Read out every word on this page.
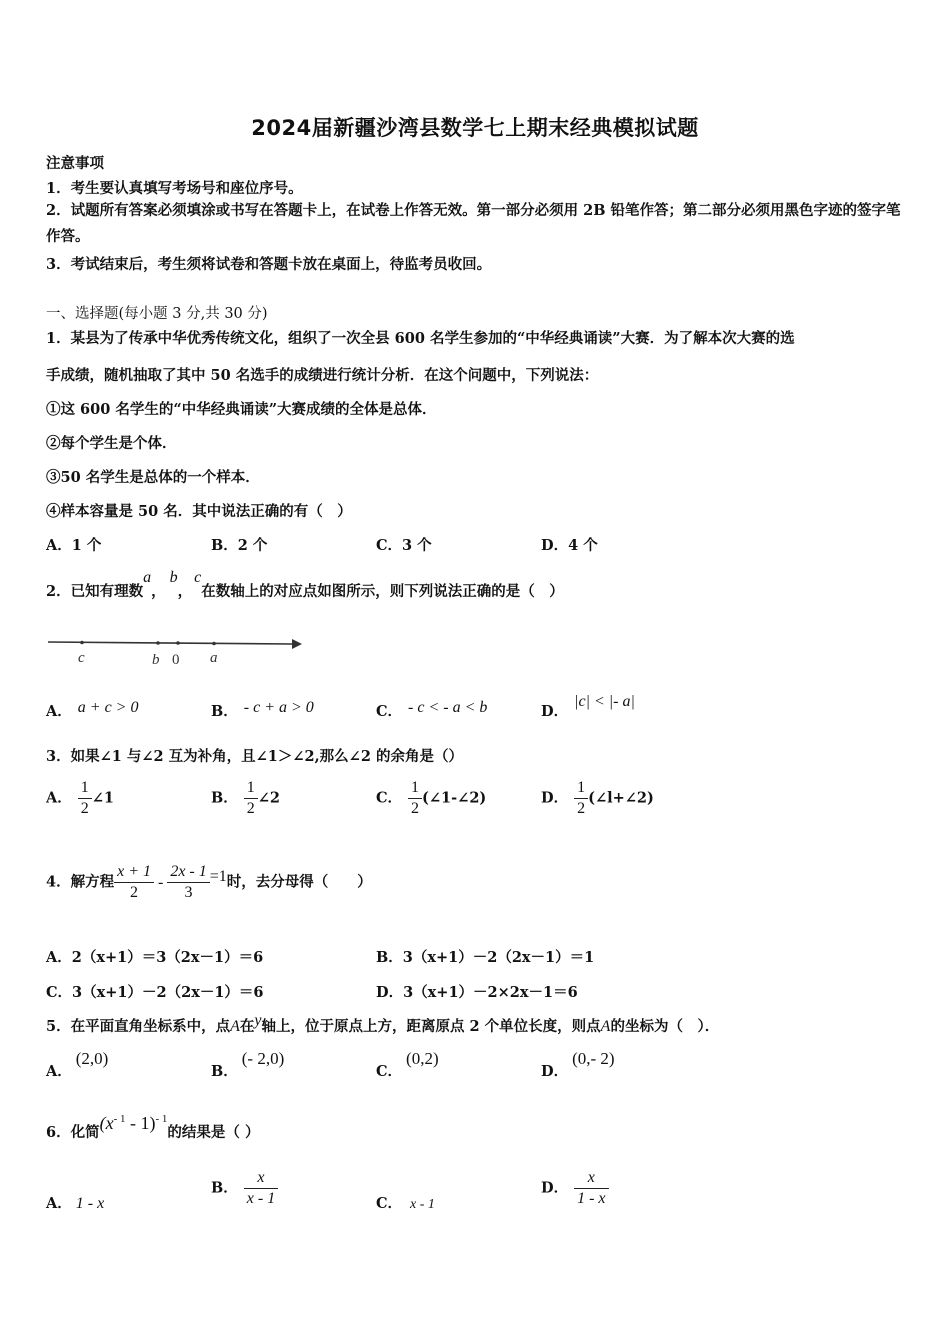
2024届新疆沙湾县数学七上期末经典模拟试题
注意事项
1．考生要认真填写考场号和座位序号。
2．试题所有答案必须填涂或书写在答题卡上，在试卷上作答无效。第一部分必须用 2B 铅笔作答；第二部分必须用黑色字迹的签字笔作答。
3．考试结束后，考生须将试卷和答题卡放在桌面上，待监考员收回。
一、选择题(每小题 3 分,共 30 分)
1．某县为了传承中华优秀传统文化，组织了一次全县 600 名学生参加的“中华经典诵读”大赛．为了解本次大赛的选
手成绩，随机抽取了其中 50 名选手的成绩进行统计分析．在这个问题中，下列说法：
①这 600 名学生的“中华经典诵读”大赛成绩的全体是总体．
②每个学生是个体．
③50 名学生是总体的一个样本．
④样本容量是 50 名．其中说法正确的有（　）
A．1 个	B．2 个	C．3 个	D．4 个
2．已知有理数a，b，c在数轴上的对应点如图所示，则下列说法正确的是（　）
c	b 0 a
A． a + c > 0	B． - c + a > 0	C． - c < - a < b	D．|c| < |- a|
3．如果∠1 与∠2 互为补角，且∠1＞∠2,那么∠2 的余角是（）
A． $\frac{1}{2}$ ∠1	B． $\frac{1}{2}$ ∠2	C． $\frac{1}{2}$ (∠1-∠2)	D． $\frac{1}{2}$ (∠l+∠2)
4．解方程 $\frac{x + 1}{2} - \frac{2x - 1}{3} =1$时，去分母得（　　）
A．2（x+1）＝3（2x－1）＝6	B．3（x+1）－2（2x－1）＝1
C．3（x+1）－2（2x－1）＝6	D．3（x+1）－2×2x－1＝6
5．在平面直角坐标系中，点A在y轴上，位于原点上方，距离原点 2 个单位长度，则点A的坐标为（　）．
A．(2,0)
B．(- 2,0)
C．(0,2)
D．(0,- 2)
6．化简$(x^{- 1} - 1)^{- 1}$的结果是（ ）
A． 1 - x
B． $\frac{x}{x - 1}$	C． x - 1
D． $\frac{x}{1 - x}$
